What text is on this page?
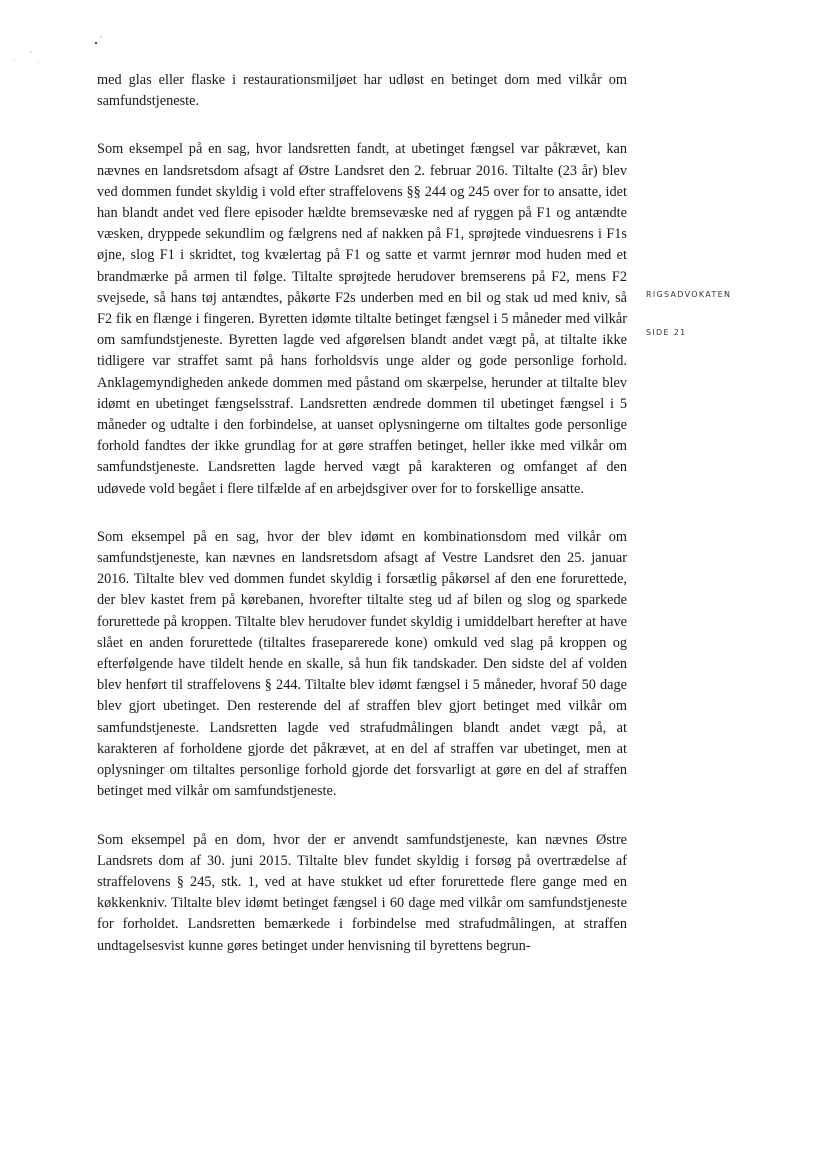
med glas eller flaske i restaurationsmiljøet har udløst en betinget dom med vilkår om samfundstjeneste.

Som eksempel på en sag, hvor landsretten fandt, at ubetinget fængsel var påkrævet, kan nævnes en landsretsdom afsagt af Østre Landsret den 2. februar 2016. Tiltalte (23 år) blev ved dommen fundet skyldig i vold efter straffelovens §§ 244 og 245 over for to ansatte, idet han blandt andet ved flere episoder hældte bremsevæske ned af ryggen på F1 og antændte væsken, dryppede sekundlim og fælgrens ned af nakken på F1, sprøjtede vinduesrens i F1s øjne, slog F1 i skridtet, tog kvælertag på F1 og satte et varmt jernrør mod huden med et brandmærke på armen til følge. Tiltalte sprøjtede herudover bremserens på F2, mens F2 svejsede, så hans tøj antændtes, påkørte F2s underben med en bil og stak ud med kniv, så F2 fik en flænge i fingeren. Byretten idømte tiltalte betinget fængsel i 5 måneder med vilkår om samfundstjeneste. Byretten lagde ved afgørelsen blandt andet vægt på, at tiltalte ikke tidligere var straffet samt på hans forholdsvis unge alder og gode personlige forhold. Anklagemyndigheden ankede dommen med påstand om skærpelse, herunder at tiltalte blev idømt en ubetinget fængselsstraf. Landsretten ændrede dommen til ubetinget fængsel i 5 måneder og udtalte i den forbindelse, at uanset oplysningerne om tiltaltes gode personlige forhold fandtes der ikke grundlag for at gøre straffen betinget, heller ikke med vilkår om samfundstjeneste. Landsretten lagde herved vægt på karakteren og omfanget af den udøvede vold begået i flere tilfælde af en arbejdsgiver over for to forskellige ansatte.

Som eksempel på en sag, hvor der blev idømt en kombinationsdom med vilkår om samfundstjeneste, kan nævnes en landsretsdom afsagt af Vestre Landsret den 25. januar 2016. Tiltalte blev ved dommen fundet skyldig i forsætlig påkørsel af den ene forurettede, der blev kastet frem på kørebanen, hvorefter tiltalte steg ud af bilen og slog og sparkede forurettede på kroppen. Tiltalte blev herudover fundet skyldig i umiddelbart herefter at have slået en anden forurettede (tiltaltes fraseparerede kone) omkuld ved slag på kroppen og efterfølgende have tildelt hende en skalle, så hun fik tandskader. Den sidste del af volden blev henført til straffelovens § 244. Tiltalte blev idømt fængsel i 5 måneder, hvoraf 50 dage blev gjort ubetinget. Den resterende del af straffen blev gjort betinget med vilkår om samfundstjeneste. Landsretten lagde ved strafudmålingen blandt andet vægt på, at karakteren af forholdene gjorde det påkrævet, at en del af straffen var ubetinget, men at oplysninger om tiltaltes personlige forhold gjorde det forsvarligt at gøre en del af straffen betinget med vilkår om samfundstjeneste.

Som eksempel på en dom, hvor der er anvendt samfundstjeneste, kan nævnes Østre Landsrets dom af 30. juni 2015. Tiltalte blev fundet skyldig i forsøg på overtrædelse af straffelovens § 245, stk. 1, ved at have stukket ud efter forurettede flere gange med en køkkenkniv. Tiltalte blev idømt betinget fængsel i 60 dage med vilkår om samfundstjeneste for forholdet. Landsretten bemærkede i forbindelse med strafudmålingen, at straffen undtagelsesvist kunne gøres betinget under henvisning til byrettens begrun-

RIGSADVOKATEN
SIDE 21
